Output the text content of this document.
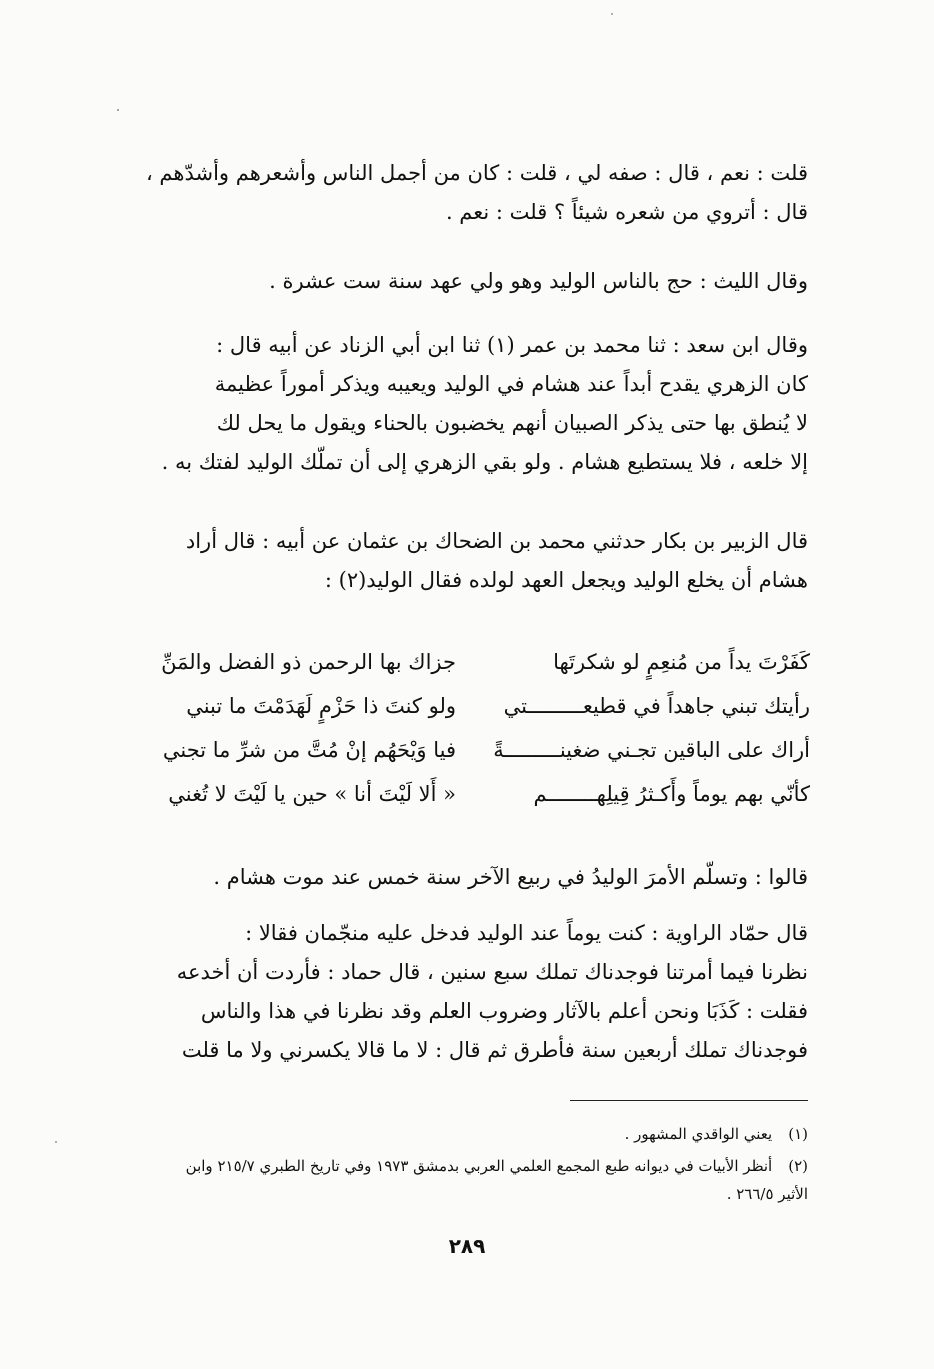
قلت : نعم ، قال : صفه لي ، قلت : كان من أجمل الناس وأشعرهم وأشدّهم ،
قال : أتروي من شعره شيئاً ؟ قلت : نعم .
وقال الليث : حج بالناس الوليد وهو ولي عهد سنة ست عشرة .
وقال ابن سعد : ثنا محمد بن عمر (١) ثنا ابن أبي الزناد عن أبيه قال :
كان الزهري يقدح أبداً عند هشام في الوليد ويعيبه ويذكر أموراً عظيمة
لا يُنطق بها حتى يذكر الصبيان أنهم يخضبون بالحناء ويقول ما يحل لك
إلا خلعه ، فلا يستطيع هشام . ولو بقي الزهري إلى أن تملّك الوليد لفتك به .
قال الزبير بن بكار حدثني محمد بن الضحاك بن عثمان عن أبيه : قال أراد
هشام أن يخلع الوليد ويجعل العهد لولده فقال الوليد(٢) :
كَفَرْتَ يداً من مُنعِمٍ لو شكرتَها
جزاك بها الرحمن ذو الفضل والمَنِّ
رأيتك تبني جاهداً في قطيعـــــــــتي
ولو كنتَ ذا حَزْمٍ لَهَدَمْتَ ما تبني
أراك على الباقين تجـني ضغينـــــــــةً
فيا وَيْحَهُم إنْ مُتَّ من شرِّ ما تجني
كأنّي بهم يوماً وأَكـثرُ قِيلِهــــــــم
« أَلا لَيْتَ أنا » حين يا لَيْتَ لا تُغني
قالوا : وتسلّم الأمرَ الوليدُ في ربيع الآخر سنة خمس عند موت هشام .
قال حمّاد الراوية : كنت يوماً عند الوليد فدخل عليه منجّمان فقالا :
نظرنا فيما أمرتنا فوجدناك تملك سبع سنين ، قال حماد : فأردت أن أخدعه
فقلت : كَذَبَا ونحن أعلم بالآثار وضروب العلم وقد نظرنا في هذا والناس
فوجدناك تملك أربعين سنة فأطرق ثم قال : لا ما قالا يكسرني ولا ما قلت
(١)يعني الواقدي المشهور .
(٢)أنظر الأبيات في ديوانه طبع المجمع العلمي العربي بدمشق ١٩٧٣ وفي تاريخ الطبري ٢١٥/٧ وابن
الأثير ٢٦٦/٥ .
٢٨٩
